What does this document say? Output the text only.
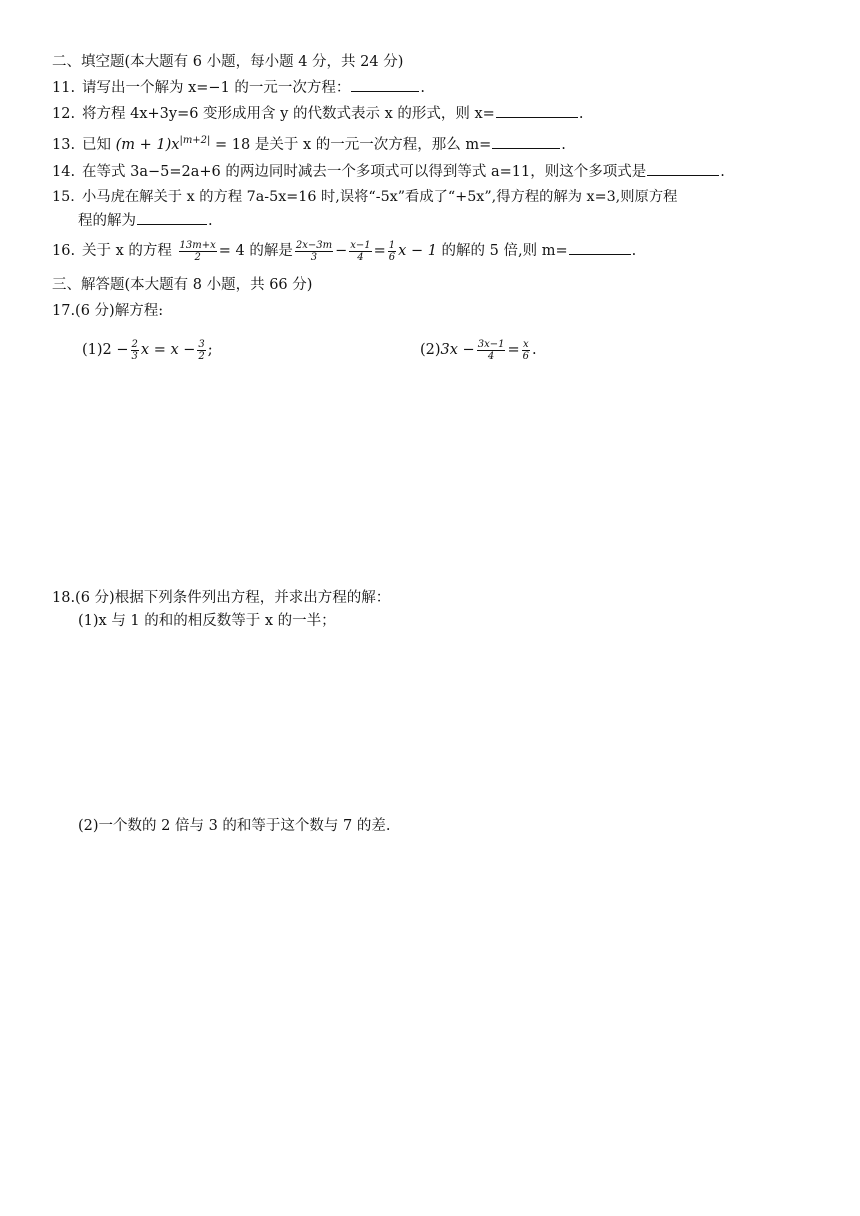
二、填空题(本大题有 6 小题，每小题 4 分，共 24 分)
11. 请写出一个解为 x=−1 的一元一次方程：	.
12. 将方程 4x+3y=6 变形成用含 y 的代数式表示 x 的形式，则 x=	.
13. 已知 $(m + 1)x^{|m+2|} = 18$ 是关于 x 的一元一次方程，那么 m=	.
14. 在等式 3a−5=2a+6 的两边同时减去一个多项式可以得到等式 a=11，则这个多项式是	.
15. 小马虎在解关于 x 的方程 7a-5x=16 时,误将“-5x”看成了“+5x”,得方程的解为 x=3,则原方程
程的解为	.
16. 关于 x 的方程 $\frac{13m+x}{2} = 4$ 的解是 $\frac{2x-3m}{3} - \frac{x-1}{4} = \frac{1}{6}$ x − 1 的解的 5 倍,则 m=	.
三、解答题(本大题有 8 小题，共 66 分)
17.(6 分)解方程:
$(1)2 - \frac{2}{3}$ $x = x - \frac{3}{2}$ ;	$(2)3x - \frac{3x-1}{4} = \frac{x}{6}$ .
18.(6 分)根据下列条件列出方程，并求出方程的解：
(1)x 与 1 的和的相反数等于 x 的一半；
(2)一个数的 2 倍与 3 的和等于这个数与 7 的差.
